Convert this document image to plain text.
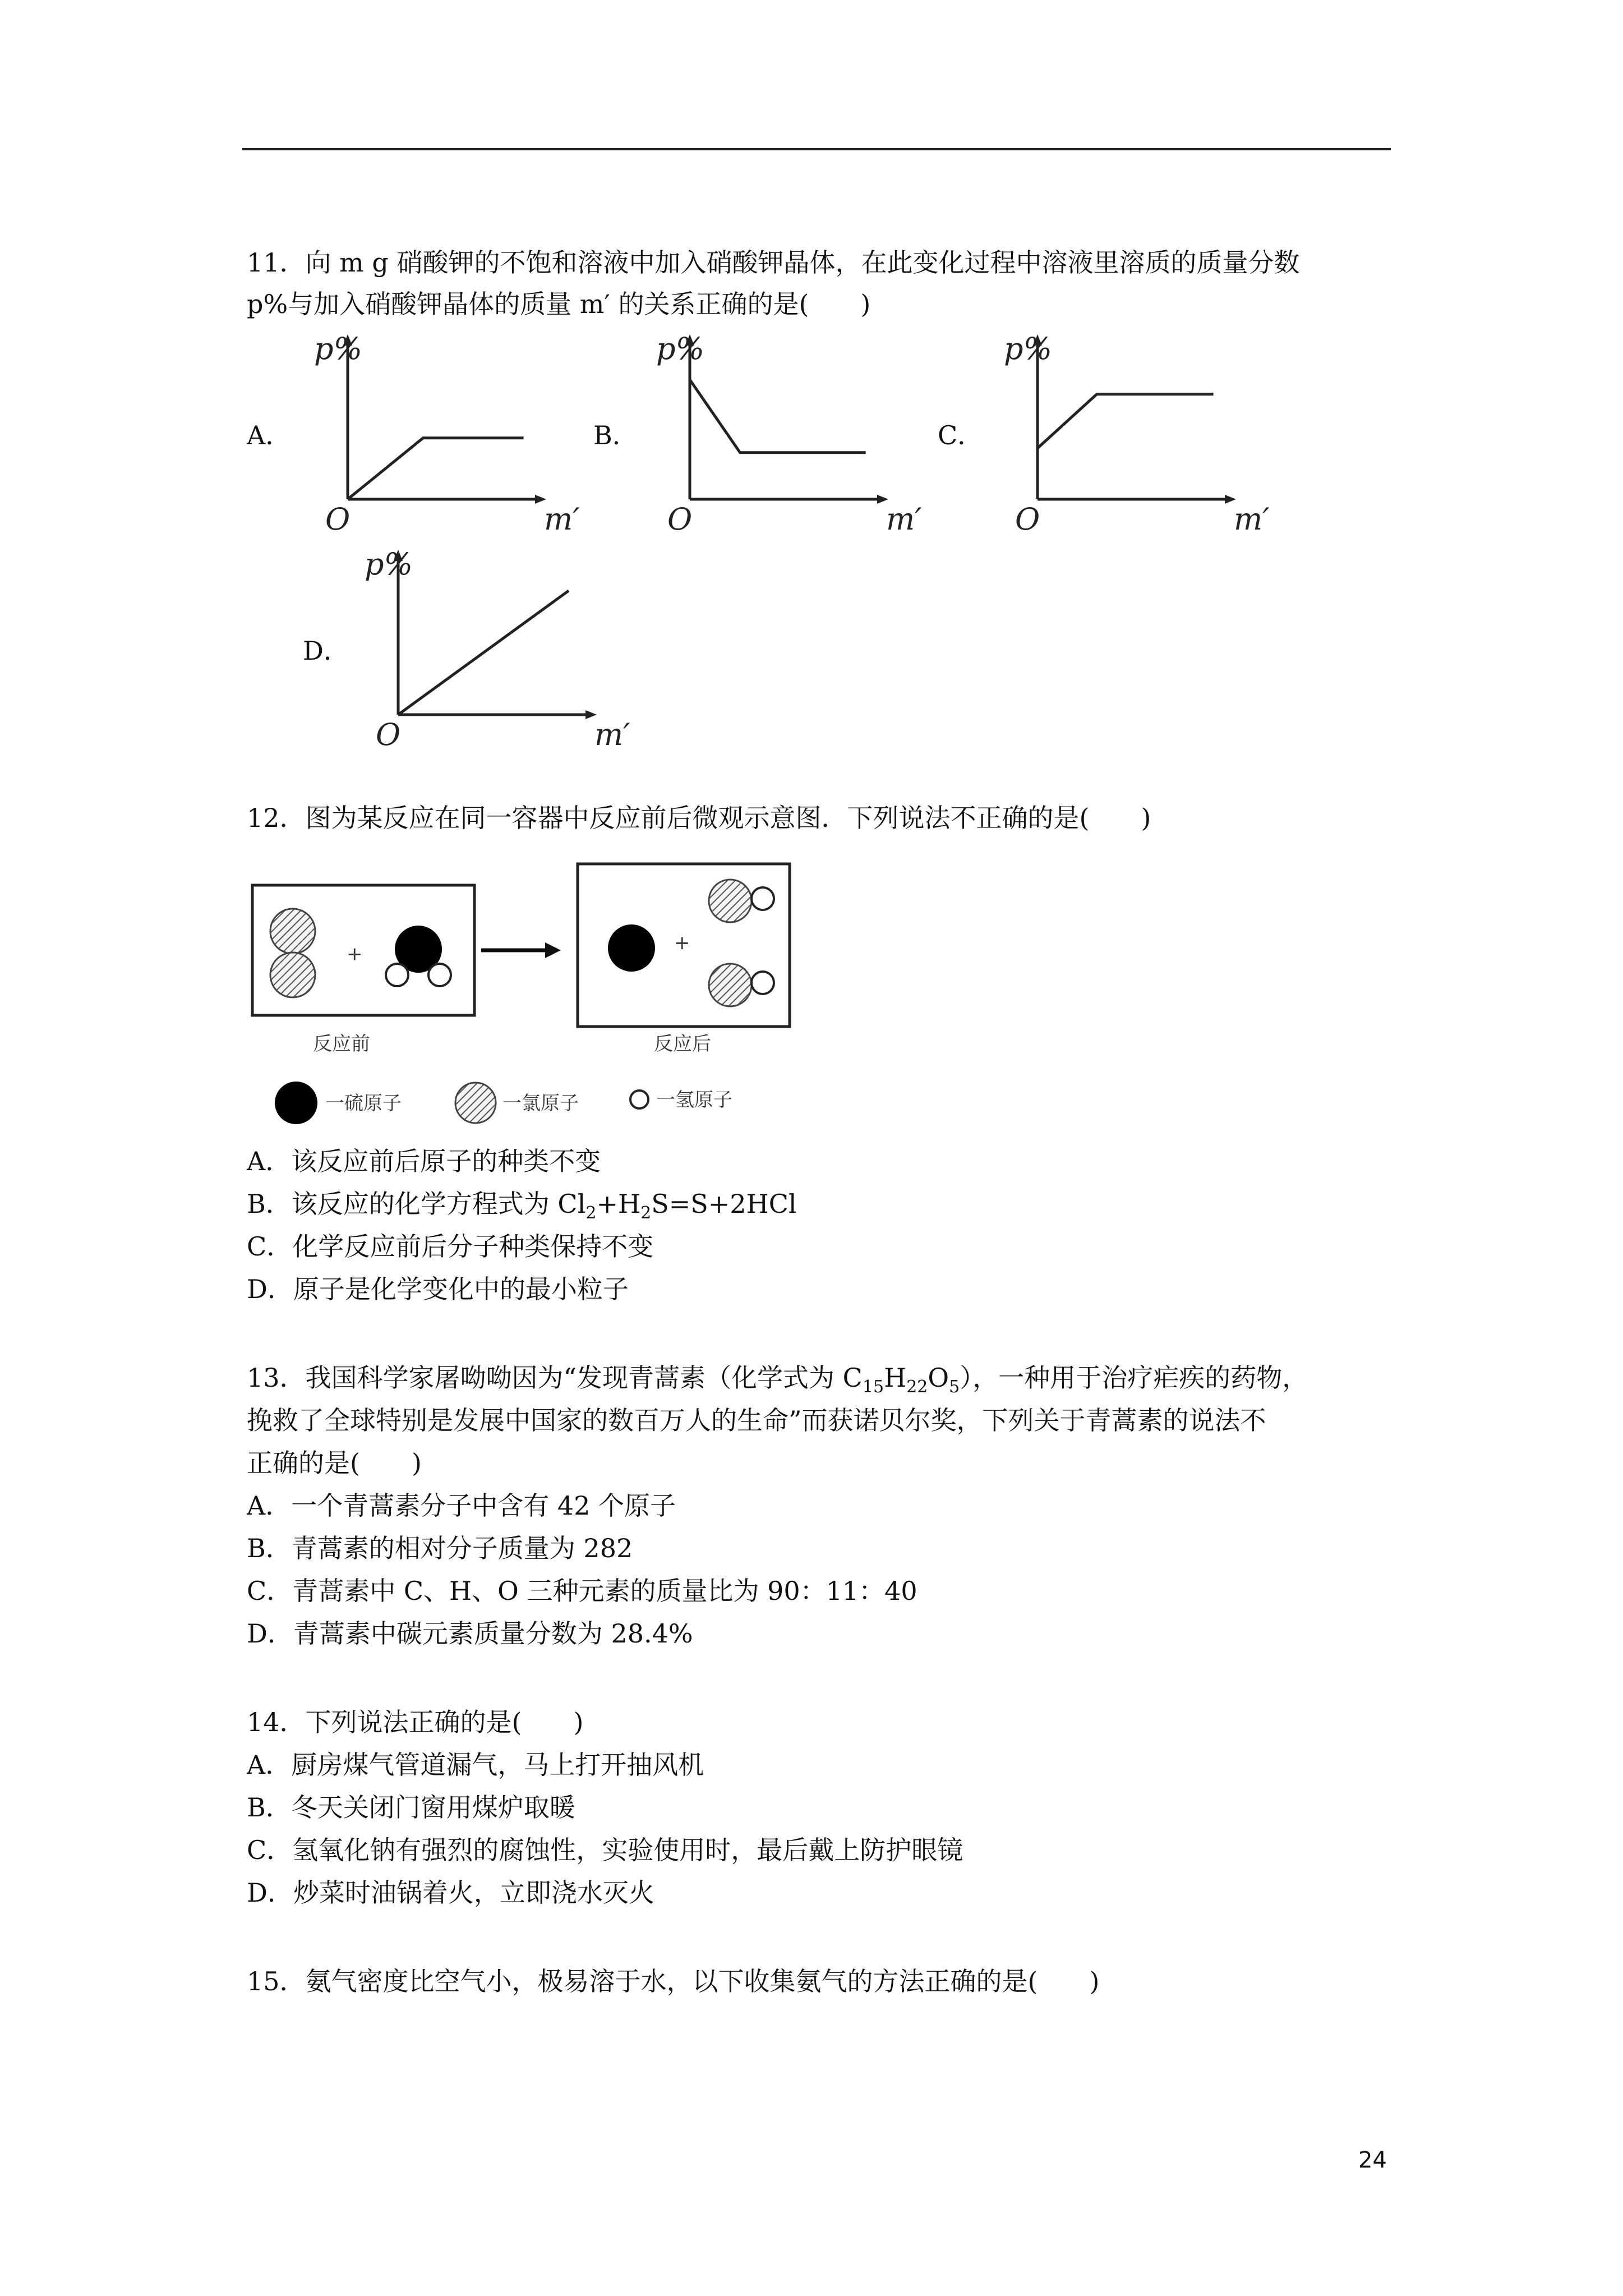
11．向 m g 硝酸钾的不饱和溶液中加入硝酸钾晶体，在此变化过程中溶液里溶质的质量分数
p%与加入硝酸钾晶体的质量 m′ 的关系正确的是(　　)
A．
p%
O	m′
B．
p%
O	m′
C．
p%
O	m′
D．
p%
O	m′
12．图为某反应在同一容器中反应前后微观示意图．下列说法不正确的是(　　)
+	+
反应前	反应后
一硫原子	一氯原子	一氢原子
A．该反应前后原子的种类不变
B．该反应的化学方程式为 $Cl_2+H_2S=S+2HCl$
C．化学反应前后分子种类保持不变
D．原子是化学变化中的最小粒子
13．我国科学家屠呦呦因为“发现青蒿素（化学式为 $C_{15}H_{22}O_5$），一种用于治疗疟疾的药物，
挽救了全球特别是发展中国家的数百万人的生命”而获诺贝尔奖，下列关于青蒿素的说法不
正确的是(　　)
A．一个青蒿素分子中含有 42 个原子
B．青蒿素的相对分子质量为 282
C．青蒿素中 C、H、O 三种元素的质量比为 90：11：40
D．青蒿素中碳元素质量分数为 28.4%
14．下列说法正确的是(　　)
A．厨房煤气管道漏气，马上打开抽风机
B．冬天关闭门窗用煤炉取暖
C．氢氧化钠有强烈的腐蚀性，实验使用时，最后戴上防护眼镜
D．炒菜时油锅着火，立即浇水灭火
15．氨气密度比空气小，极易溶于水，以下收集氨气的方法正确的是(　　)
24
